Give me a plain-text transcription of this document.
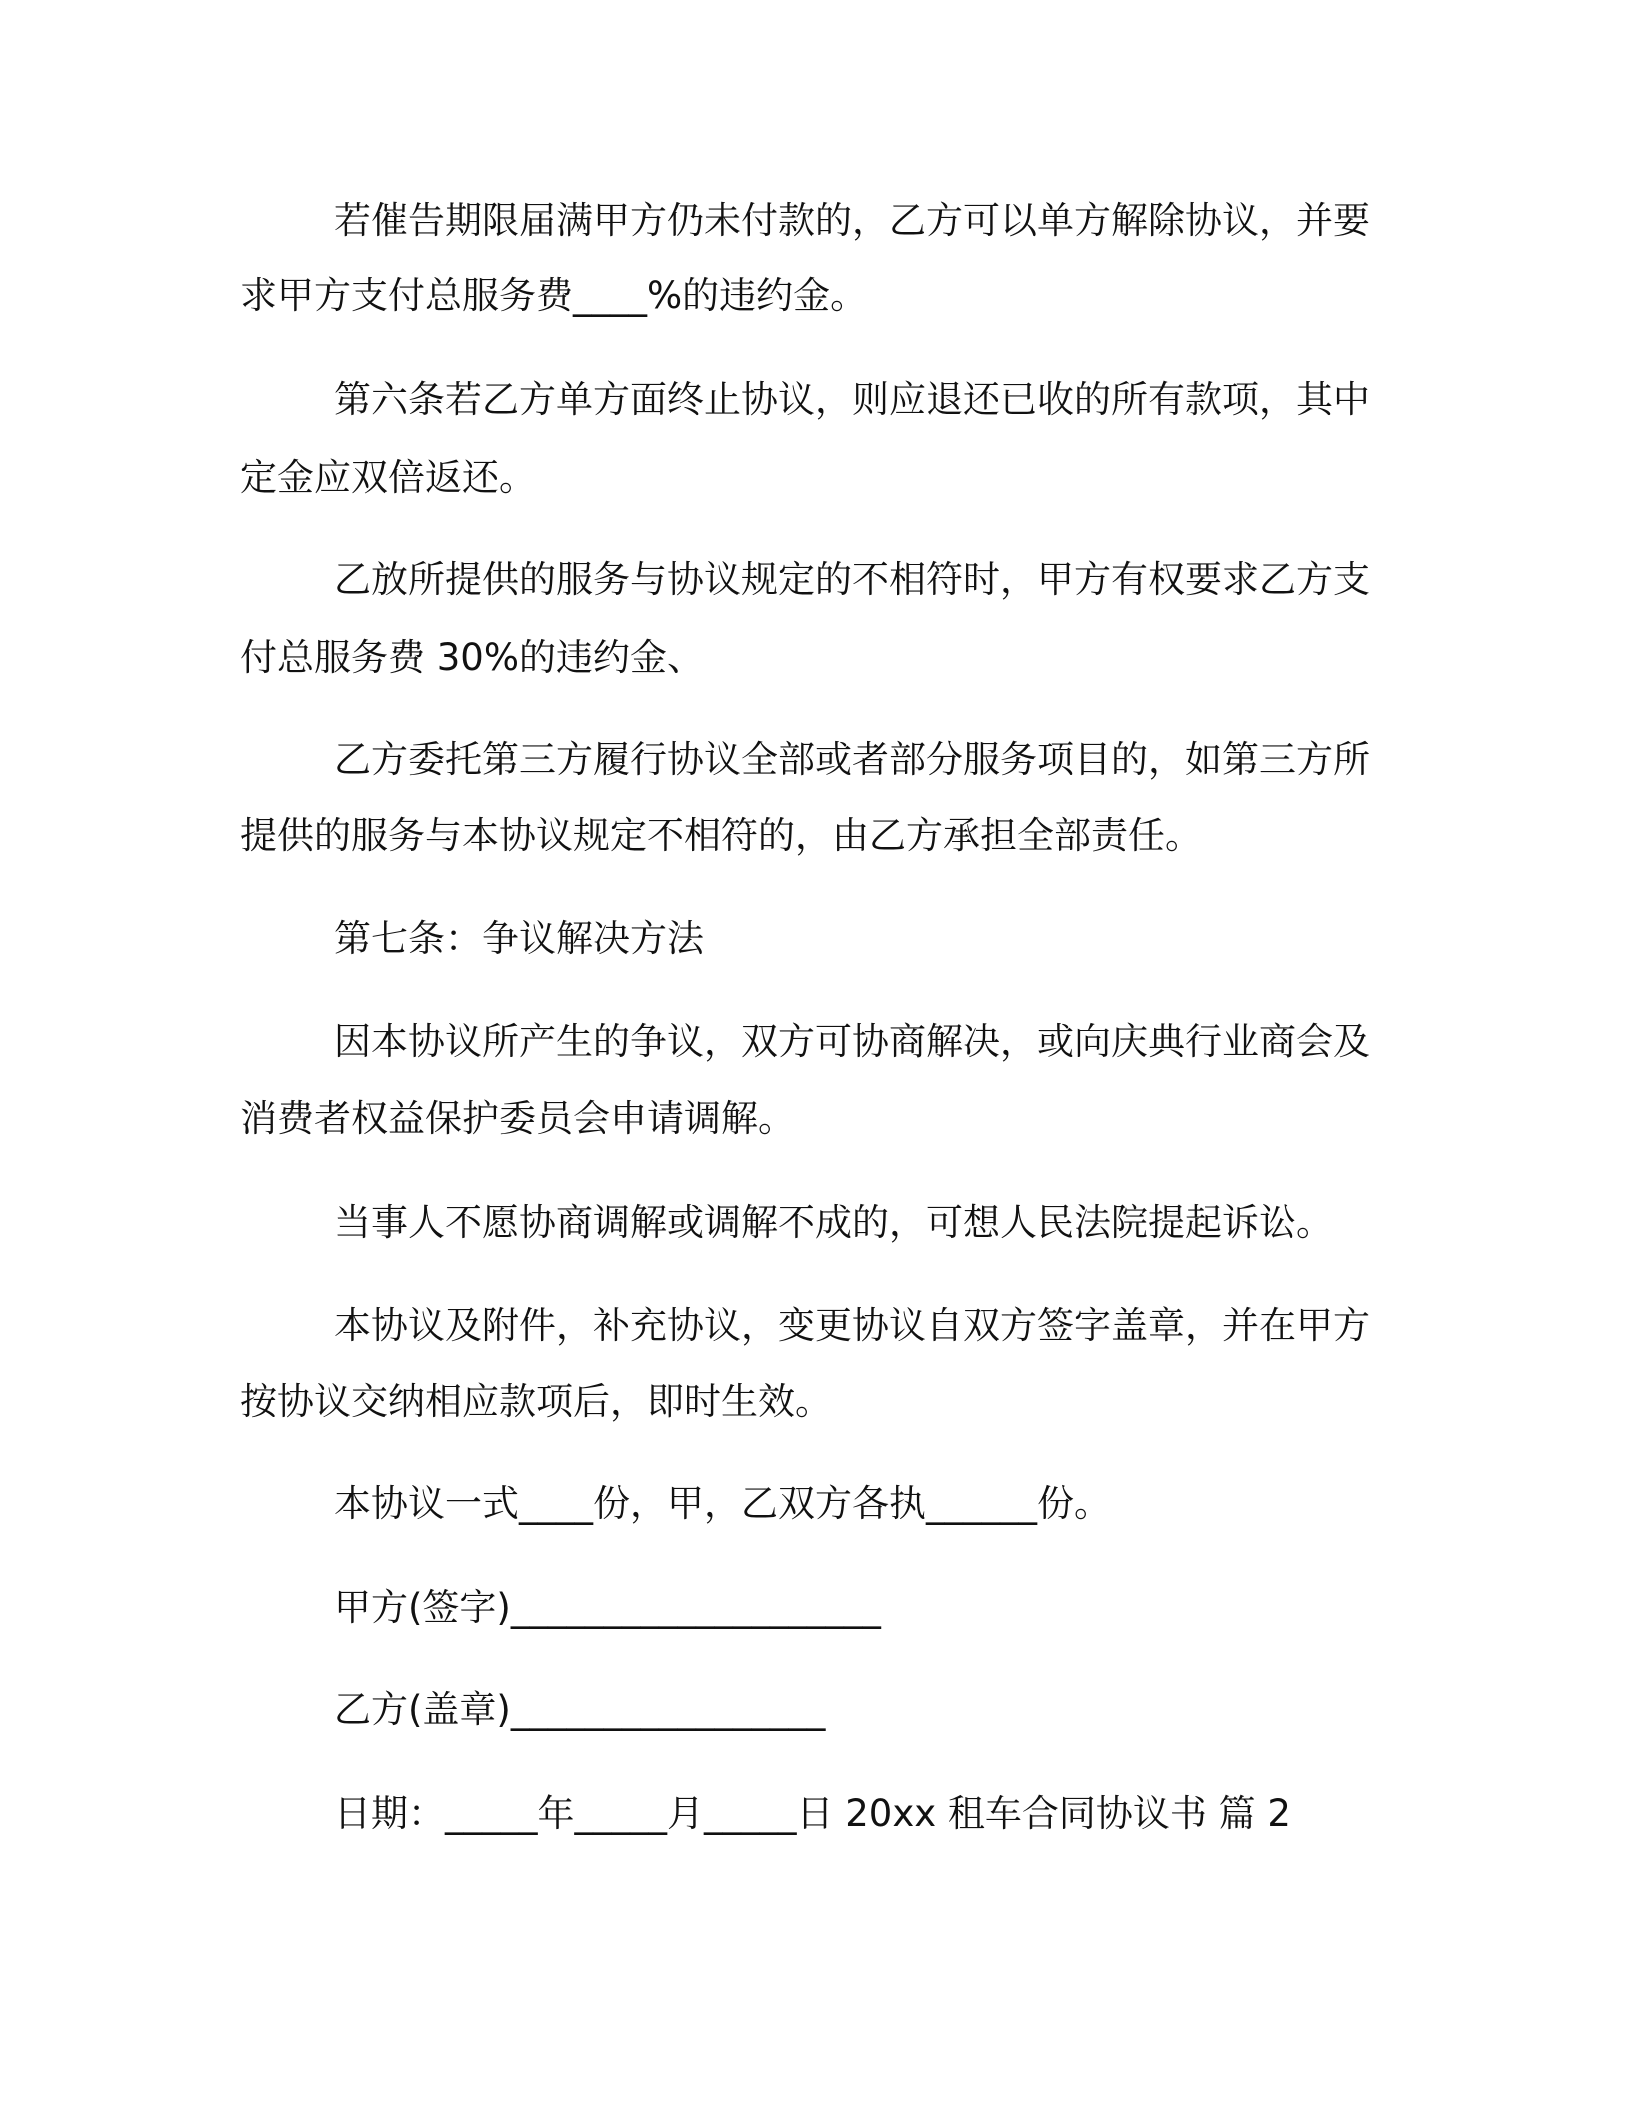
若催告期限届满甲方仍未付款的，乙方可以单方解除协议，并要

求甲方支付总服务费____%的违约金。

第六条若乙方单方面终止协议，则应退还已收的所有款项，其中

定金应双倍返还。

乙放所提供的服务与协议规定的不相符时，甲方有权要求乙方支

付总服务费 30%的违约金、

乙方委托第三方履行协议全部或者部分服务项目的，如第三方所

提供的服务与本协议规定不相符的，由乙方承担全部责任。

第七条：争议解决方法

因本协议所产生的争议，双方可协商解决，或向庆典行业商会及

消费者权益保护委员会申请调解。

当事人不愿协商调解或调解不成的，可想人民法院提起诉讼。

本协议及附件，补充协议，变更协议自双方签字盖章，并在甲方

按协议交纳相应款项后，即时生效。

本协议一式____份，甲，乙双方各执______份。

甲方(签字)____________________

乙方(盖章)_________________

日期：_____年_____月_____日 20xx 租车合同协议书 篇 2
